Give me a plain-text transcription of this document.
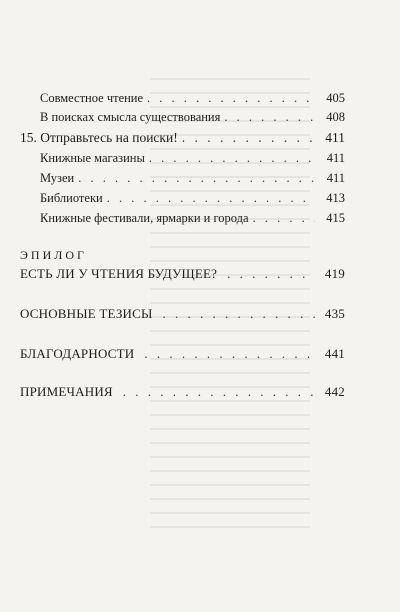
Совместное чтение . . .	405
В поисках смысла существования . . .	408
15. Отправьтесь на поиски! . . .	411
Книжные магазины . . .	411
Музеи . . .	411
Библиотеки . . .	413
Книжные фестивали, ярмарки и города . . .	415
ЭПИЛОГ
ЕСТЬ ЛИ У ЧТЕНИЯ БУДУЩЕЕ? . . .	419
ОСНОВНЫЕ ТЕЗИСЫ . . .	435
БЛАГОДАРНОСТИ . . .	441
ПРИМЕЧАНИЯ . . .	442
